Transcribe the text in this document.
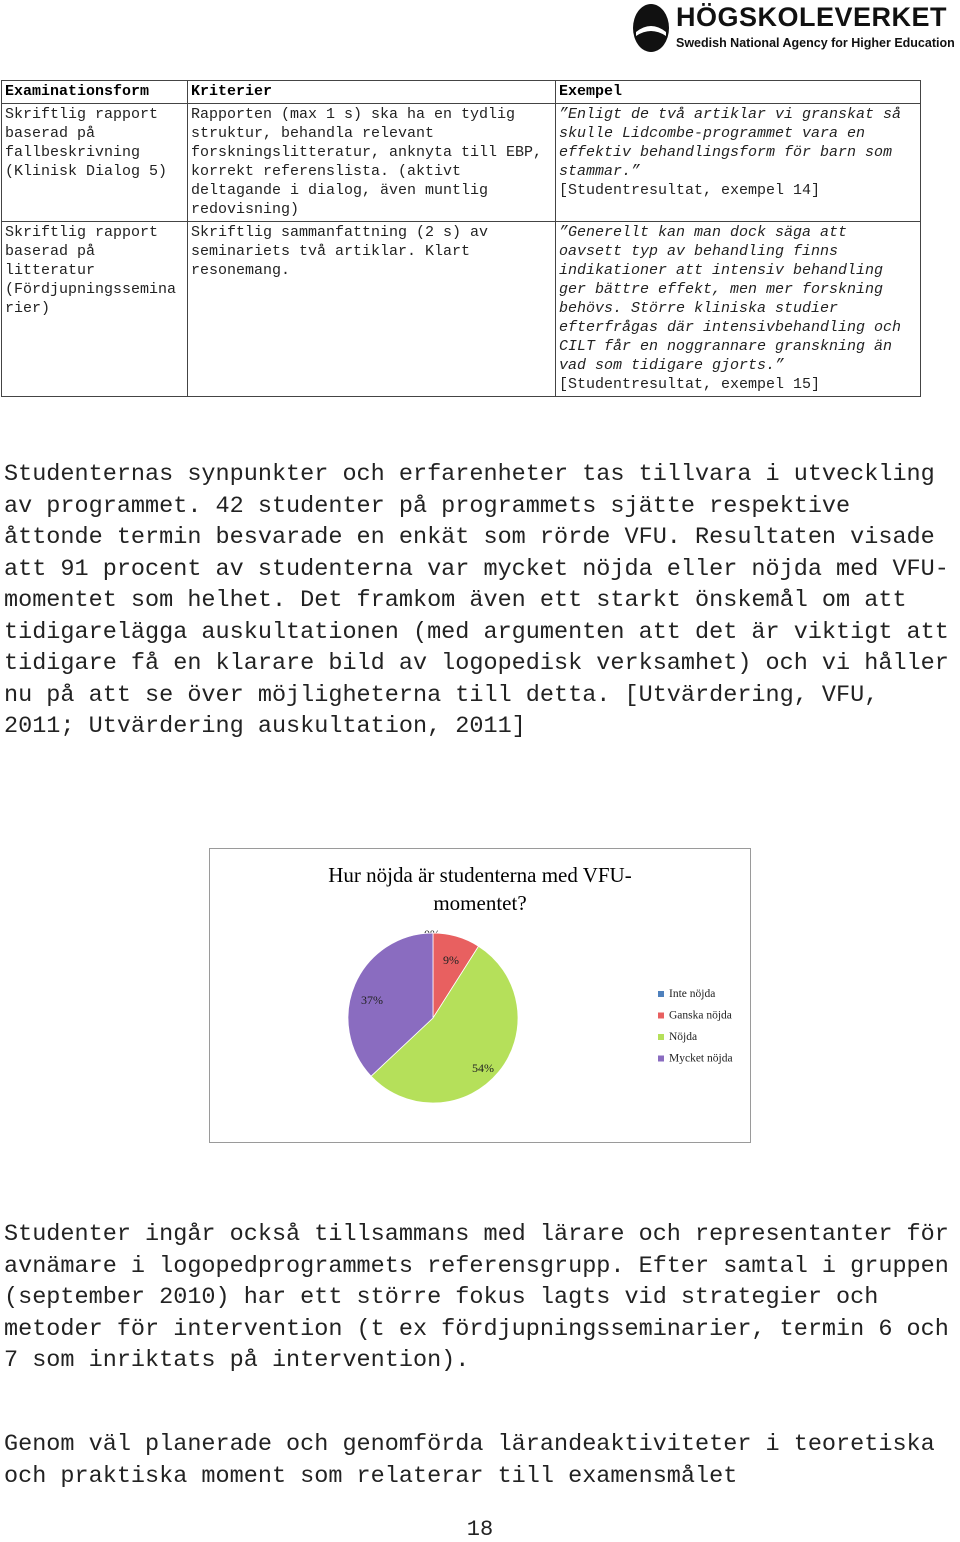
HÖGSKOLEVERKET
Swedish National Agency for Higher Education
Examinationsform	Kriterier	Exempel
Skriftlig rapport baserad på fallbeskrivning (Klinisk Dialog 5)	Rapporten (max 1 s) ska ha en tydlig struktur, behandla relevant forskningslitteratur, anknyta till EBP, korrekt referenslista. (aktivt deltagande i dialog, även muntlig redovisning)	”Enligt de två artiklar vi granskat så skulle Lidcombe-programmet vara en effektiv behandlingsform för barn som stammar.”
[Studentresultat, exempel 14]

Skriftlig rapport baserad på litteratur (Fördjupningsseminarier)	Skriftlig sammanfattning (2 s) av seminariets två artiklar. Klart resonemang.	”Generellt kan man dock säga att oavsett typ av behandling finns indikationer att intensiv behandling ger bättre effekt, men mer forskning behövs. Större kliniska studier efterfrågas där intensivbehandling och CILT får en noggrannare granskning än vad som tidigare gjorts.”
[Studentresultat, exempel 15]

Studenternas synpunkter och erfarenheter tas tillvara i utveckling av programmet. 42 studenter på programmets sjätte respektive åttonde termin besvarade en enkät som rörde VFU. Resultaten visade att 91 procent av studenterna var mycket nöjda eller nöjda med VFU-momentet som helhet. Det framkom även ett starkt önskemål om att tidigarelägga auskultationen (med argumenten att det är viktigt att tidigare få en klarare bild av logopedisk verksamhet) och vi håller nu på att se över möjligheterna till detta. [Utvärdering, VFU, 2011; Utvärdering auskultation, 2011]

Hur nöjda är studenterna med VFU-
momentet?
9%
54%
37%	Inte nöjda
Ganska nöjda
Nöjda
Mycket nöjda

Studenter ingår också tillsammans med lärare och representanter för avnämare i logopedprogrammets referensgrupp. Efter samtal i gruppen (september 2010) har ett större fokus lagts vid strategier och metoder för intervention (t ex fördjupningsseminarier, termin 6 och 7 som inriktats på intervention).

Genom väl planerade och genomförda lärandeaktiviteter i teoretiska och praktiska moment som relaterar till examensmålet

18
